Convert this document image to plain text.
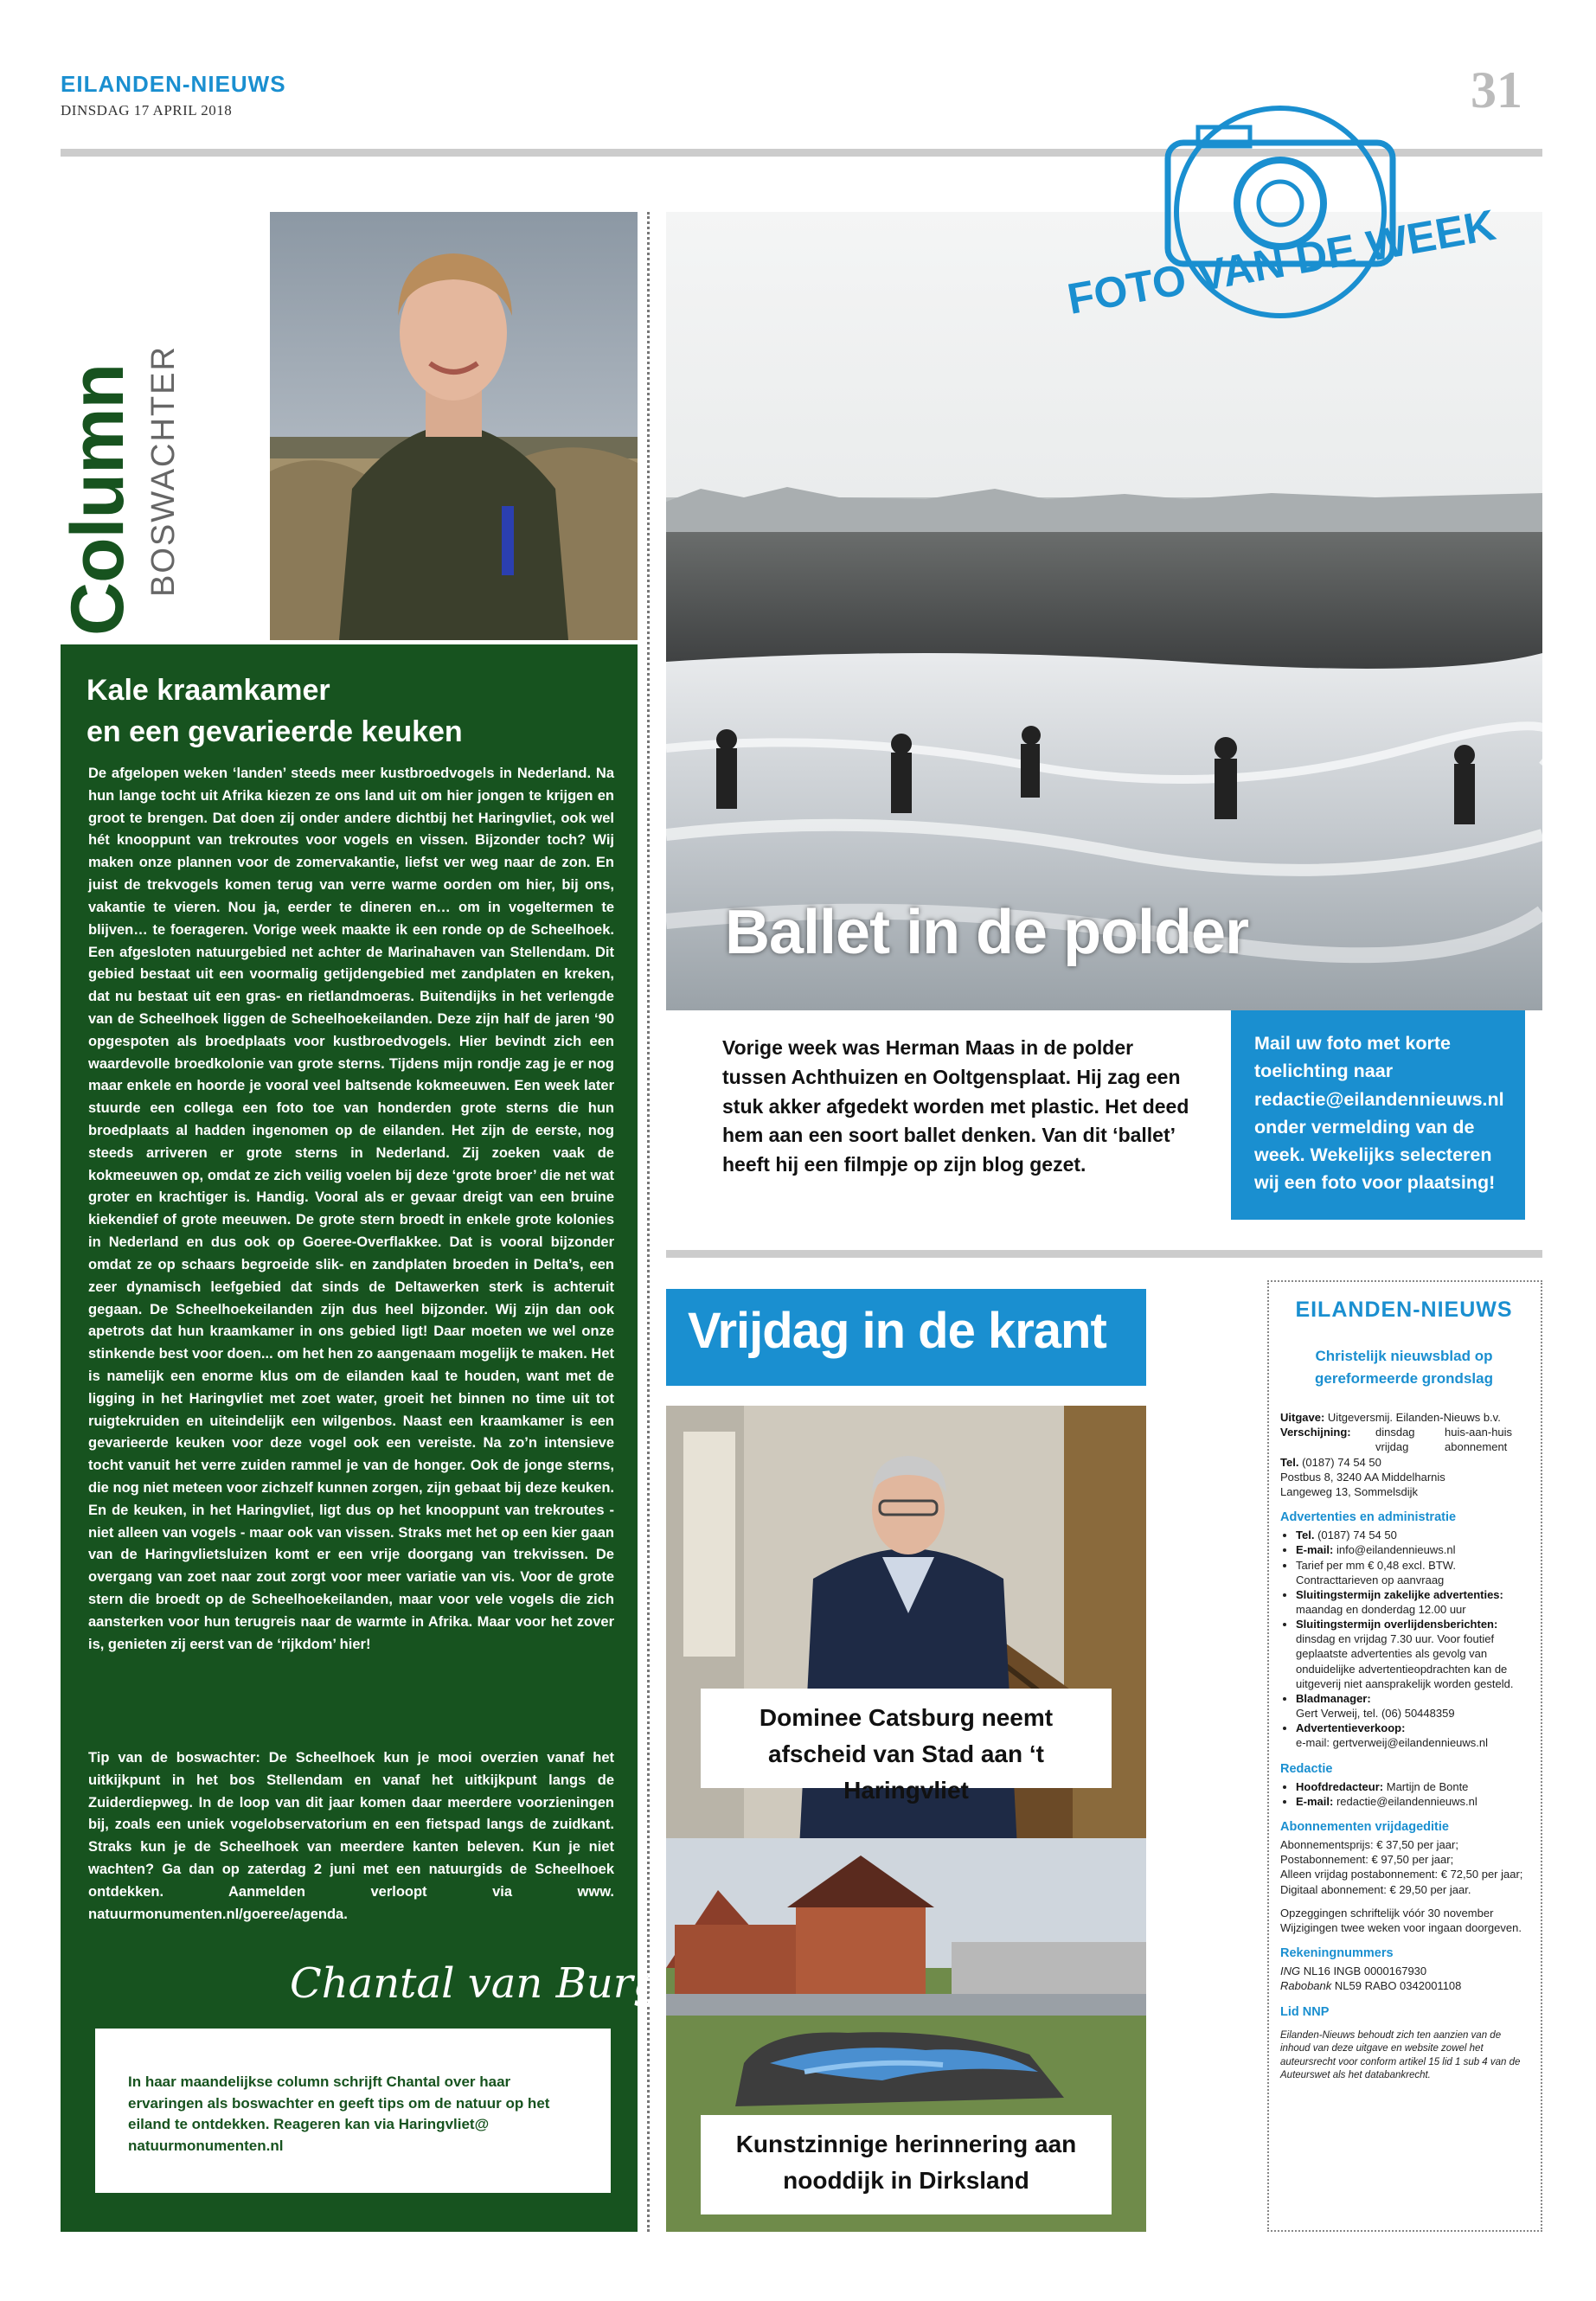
EILANDEN-NIEUWS
DINSDAG 17 APRIL 2018	31
Column BOSWACHTER
Kale kraamkamer
en een gevarieerde keuken
De afgelopen weken ‘landen’ steeds meer kustbroedvogels in Nederland. Na hun lange tocht uit Afrika kiezen ze ons land uit om hier jongen te krijgen en groot te brengen. Dat doen zij onder andere dichtbij het Haringvliet, ook wel hét knooppunt van trekroutes voor vogels en vissen. Bijzonder toch? Wij maken onze plannen voor de zomervakantie, liefst ver weg naar de zon. En juist de trekvogels komen terug van verre warme oorden om hier, bij ons, vakantie te vieren. Nou ja, eerder te dineren en… om in vogeltermen te blijven… te foerageren. Vorige week maakte ik een ronde op de Scheelhoek. Een afgesloten natuurgebied net achter de Marinahaven van Stellendam. Dit gebied bestaat uit een voormalig getijdengebied met zandplaten en kreken, dat nu bestaat uit een gras- en rietlandmoeras. Buitendijks in het verlengde van de Scheelhoek liggen de Scheelhoekeilanden. Deze zijn half de jaren ‘90 opgespoten als broedplaats voor kustbroedvogels. Hier bevindt zich een waardevolle broedkolonie van grote sterns. Tijdens mijn rondje zag je er nog maar enkele en hoorde je vooral veel baltsende kokmeeuwen. Een week later stuurde een collega een foto toe van honderden grote sterns die hun broedplaats al hadden ingenomen op de eilanden. Het zijn de eerste, nog steeds arriveren er grote sterns in Nederland. Zij zoeken vaak de kokmeeuwen op, omdat ze zich veilig voelen bij deze ‘grote broer’ die net wat groter en krachtiger is. Handig. Vooral als er gevaar dreigt van een bruine kiekendief of grote meeuwen. De grote stern broedt in enkele grote kolonies in Nederland en dus ook op Goeree-Overflakkee. Dat is vooral bijzonder omdat ze op schaars begroeide slik- en zandplaten broeden in Delta’s, een zeer dynamisch leefgebied dat sinds de Deltawerken sterk is achteruit gegaan. De Scheelhoekeilanden zijn dus heel bijzonder. Wij zijn dan ook apetrots dat hun kraamkamer in ons gebied ligt! Daar moeten we wel onze stinkende best voor doen... om het hen zo aangenaam mogelijk te maken. Het is namelijk een enorme klus om de eilanden kaal te houden, want met de ligging in het Haringvliet met zoet water, groeit het binnen no time uit tot ruigtekruiden en uiteindelijk een wilgenbos. Naast een kraamkamer is een gevarieerde keuken voor deze vogel ook een vereiste. Na zo’n intensieve tocht vanuit het verre zuiden rammel je van de honger. Ook de jonge sterns, die nog niet meteen voor zichzelf kunnen zorgen, zijn gebaat bij deze keuken. En de keuken, in het Haringvliet, ligt dus op het knooppunt van trekroutes - niet alleen van vogels - maar ook van vissen. Straks met het op een kier gaan van de Haringvlietsluizen komt er een vrije doorgang van trekvissen. De overgang van zoet naar zout zorgt voor meer variatie van vis. Voor de grote stern die broedt op de Scheelhoekeilanden, maar voor vele vogels die zich aansterken voor hun terugreis naar de warmte in Afrika. Maar voor het zover is, genieten zij eerst van de ‘rijkdom’ hier!
Tip van de boswachter: De Scheelhoek kun je mooi overzien vanaf het uitkijkpunt in het bos Stellendam en vanaf het uitkijkpunt langs de Zuiderdiepweg. In de loop van dit jaar komen daar meerdere voorzieningen bij, zoals een uniek vogelobservatorium en een fietspad langs de zuidkant. Straks kun je de Scheelhoek van meerdere kanten beleven. Kun je niet wachten? Ga dan op zaterdag 2 juni met een natuurgids de Scheelhoek ontdekken. Aanmelden verloopt via www. natuurmonumenten.nl/goeree/agenda.
Chantal van Burg
In haar maandelijkse column schrijft Chantal over haar ervaringen als boswachter en geeft tips om de natuur op het eiland te ontdekken. Reageren kan via Haringvliet@ natuurmonumenten.nl
FOTO VAN DE WEEK
Ballet in de polder
Vorige week was Herman Maas in de polder tussen Achthuizen en Ooltgensplaat. Hij zag een stuk akker afgedekt worden met plastic. Het deed hem aan een soort ballet denken. Van dit ‘ballet’ heeft hij een filmpje op zijn blog gezet.
Mail uw foto met korte toelichting naar redactie@eilandennieuws.nl onder vermelding van de week. Wekelijks selecteren wij een foto voor plaatsing!
Vrijdag in de krant
Dominee Catsburg neemt afscheid van Stad aan ‘t Haringvliet
Kunstzinnige herinnering aan nooddijk in Dirksland
EILANDEN-NIEUWS
Christelijk nieuwsblad op gereformeerde grondslag
Uitgave: Uitgeversmij. Eilanden-Nieuws b.v.
Verschijning: dinsdag	huis-aan-huis
vrijdag	abonnement
Tel. (0187) 74 54 50
Postbus 8, 3240 AA Middelharnis
Langeweg 13, Sommelsdijk
Advertenties en administratie
• Tel. (0187) 74 54 50
• E-mail: info@eilandennieuws.nl
• Tarief per mm € 0,48 excl. BTW. Contracttarieven op aanvraag
• Sluitingstermijn zakelijke advertenties:
maandag en donderdag 12.00 uur
• Sluitingstermijn overlijdensberichten:
dinsdag en vrijdag 7.30 uur. Voor foutief geplaatste advertenties als gevolg van onduidelijke advertentieopdrachten kan de uitgeverij niet aansprakelijk worden gesteld.
• Bladmanager:
Gert Verweij, tel. (06) 50448359
• Advertentieverkoop:
e-mail: gertverweij@eilandennieuws.nl
Redactie
• Hoofdredacteur: Martijn de Bonte
• E-mail: redactie@eilandennieuws.nl
Abonnementen vrijdageditie
Abonnementsprijs: € 37,50 per jaar;
Postabonnement: € 97,50 per jaar;
Alleen vrijdag postabonnement: € 72,50 per jaar;
Digitaal abonnement: € 29,50 per jaar.
Opzeggingen schriftelijk vóór 30 november Wijzigingen twee weken voor ingaan doorgeven.
Rekeningnummers
ING NL16 INGB 0000167930
Rabobank NL59 RABO 0342001108
Lid NNP
Eilanden-Nieuws behoudt zich ten aanzien van de inhoud van deze uitgave en website zowel het auteursrecht voor conform artikel 15 lid 1 sub 4 van de Auteurswet als het databankrecht.
